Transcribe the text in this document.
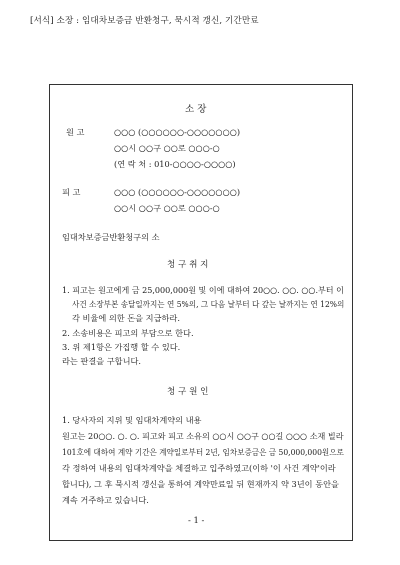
[서식] 소장 : 임대차보증금 반환청구, 묵시적 갱신, 기간만료
소 장
원 고	○○○ (○○○○○○-○○○○○○○)
○○시 ○○구 ○○로 ○○○-○
(연 락 처 : 010-○○○○-○○○○)
피 고	○○○ (○○○○○○-○○○○○○○)
○○시 ○○구 ○○로 ○○○-○
임대차보증금반환청구의 소
청 구 취 지
1. 피고는 원고에게 금 25,000,000원 및 이에 대하여 20○○. ○○. ○○.부터 이
사건 소장부본 송달일까지는 연 5%의, 그 다음 날부터 다 갚는 날까지는 연 12%의
각 비율에 의한 돈을 지급하라.
2. 소송비용은 피고의 부담으로 한다.
3. 위 제1항은 가집행 할 수 있다.
라는 판결을 구합니다.
청 구 원 인
1. 당사자의 지위 및 임대차계약의 내용
원고는 20○○. ○. ○. 피고와 피고 소유의 ○○시 ○○구 ○○길 ○○○ 소재 빌라
101호에 대하여 계약 기간은 계약일로부터 2년, 임차보증금은 금 50,000,000원으로
각 정하여 내용의 임대차계약을 체결하고 입주하였고(이하 '이 사건 계약'이라
합니다), 그 후 묵시적 갱신을 통하여 계약만료일 뒤 현재까지 약 3년이 동안을
계속 거주하고 있습니다.
- 1 -
